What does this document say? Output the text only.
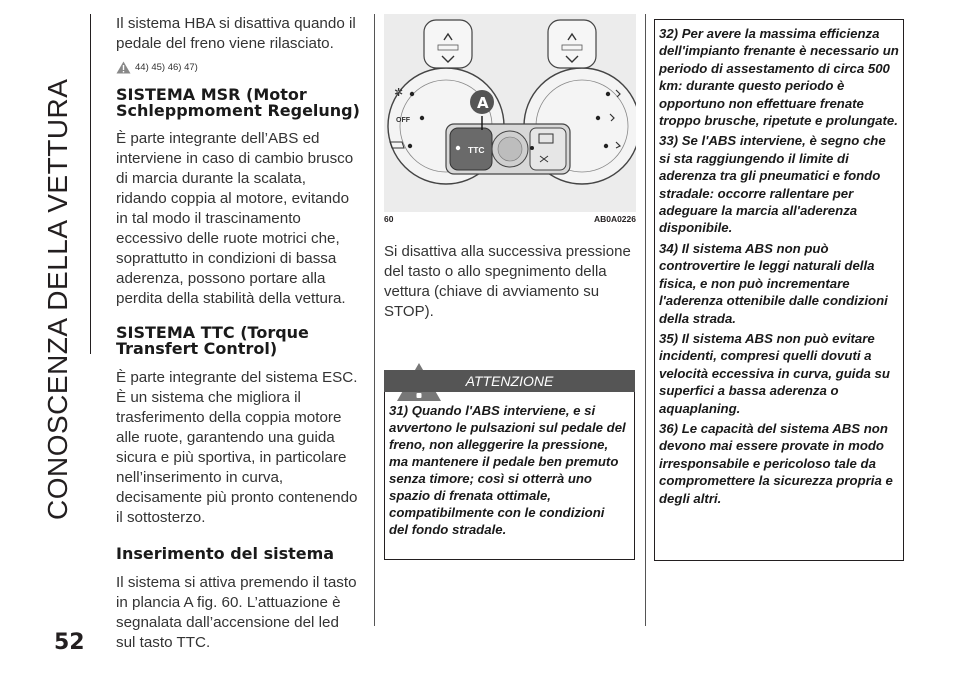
CONOSCENZA DELLA VETTURA
52

Il sistema HBA si disattiva quando il pedale del freno viene rilasciato.

44) 45) 46) 47)
SISTEMA MSR (Motor Schleppmoment Regelung)

È parte integrante dell’ABS ed interviene in caso di cambio brusco di marcia durante la scalata, ridando coppia al motore, evitando in tal modo il trascinamento eccessivo delle ruote motrici che, soprattutto in condizioni di bassa aderenza, possono portare alla perdita della stabilità della vettura.

SISTEMA TTC (Torque Transfert Control)

È parte integrante del sistema ESC. È un sistema che migliora il trasferimento della coppia motore alle ruote, garantendo una guida sicura e più sportiva, in particolare nell’inserimento in curva, decisamente più pronto contenendo il sottosterzo.

Inserimento del sistema

Il sistema si attiva premendo il tasto in plancia A fig. 60. L’attuazione è segnalata dall’accensione del led sul tasto TTC.

✲
OFF
TTC
A
60	AB0A0226

Si disattiva alla successiva pressione del tasto o allo spegnimento della vettura (chiave di avviamento su STOP).

ATTENZIONE
31) Quando l'ABS interviene, e si avvertono le pulsazioni sul pedale del freno, non alleggerire la pressione, ma mantenere il pedale ben premuto senza timore; così si otterrà uno spazio di frenata ottimale, compatibilmente con le condizioni del fondo stradale.
32) Per avere la massima efficienza dell'impianto frenante è necessario un periodo di assestamento di circa 500 km: durante questo periodo è opportuno non effettuare frenate troppo brusche, ripetute e prolungate.
33) Se l'ABS interviene, è segno che si sta raggiungendo il limite di aderenza tra gli pneumatici e fondo stradale: occorre rallentare per adeguare la marcia all'aderenza disponibile.
34) Il sistema ABS non può controvertire le leggi naturali della fisica, e non può incrementare l'aderenza ottenibile dalle condizioni della strada.
35) Il sistema ABS non può evitare incidenti, compresi quelli dovuti a velocità eccessiva in curva, guida su superfici a bassa aderenza o aquaplaning.
36) Le capacità del sistema ABS non devono mai essere provate in modo irresponsabile e pericoloso tale da compromettere la sicurezza propria e degli altri.
